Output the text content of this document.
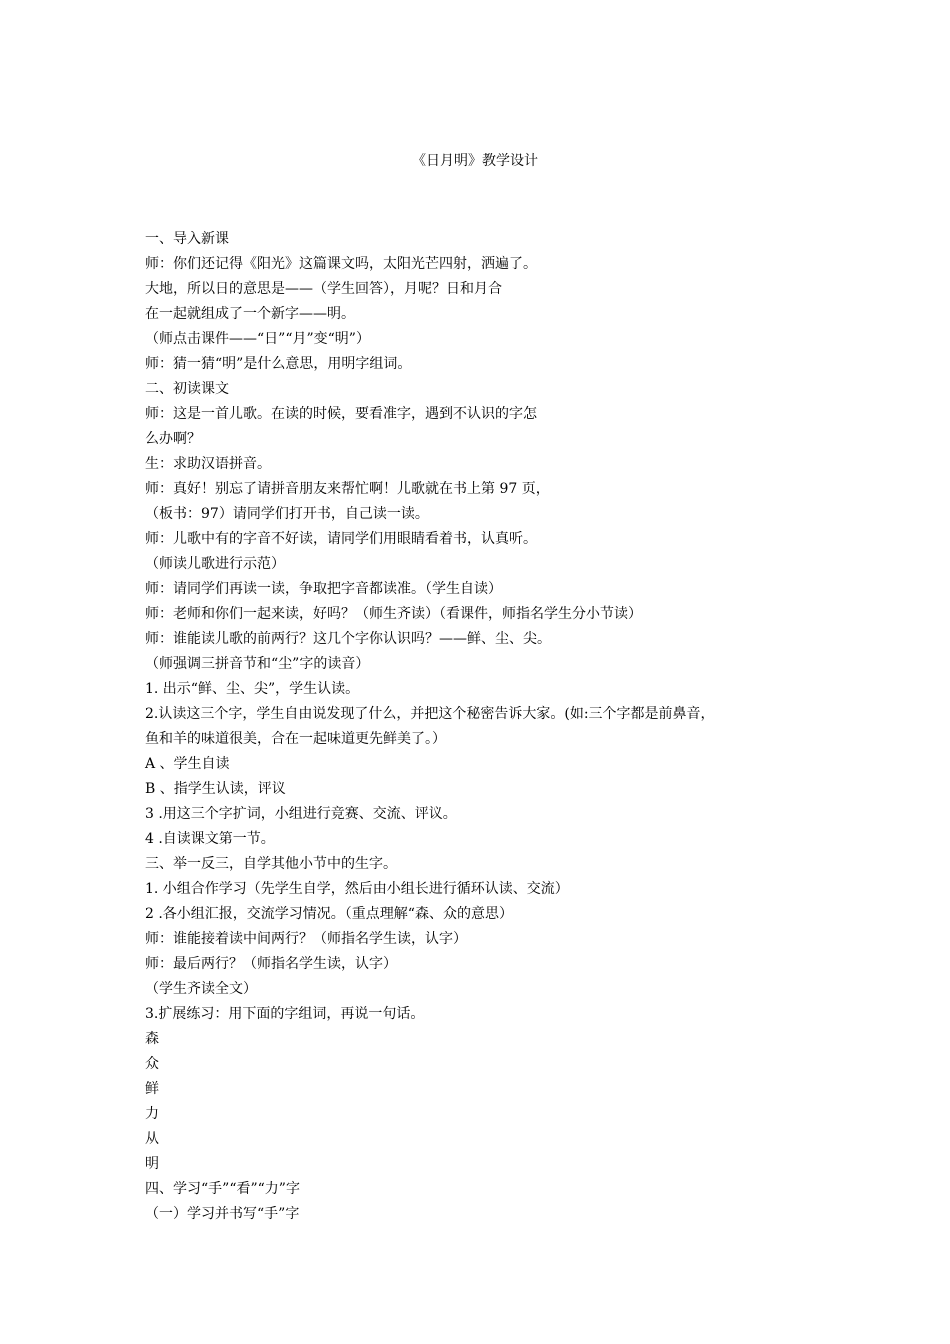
《日月明》教学设计
一、导入新课
师：你们还记得《阳光》这篇课文吗，太阳光芒四射，洒遍了。
大地，所以日的意思是——（学生回答），月呢？日和月合
在一起就组成了一个新字——明。
（师点击课件——“日”“月”变“明”）
师：猜一猜“明”是什么意思，用明字组词。
二、初读课文
师：这是一首儿歌。在读的时候，要看准字，遇到不认识的字怎
么办啊？
生：求助汉语拼音。
师：真好！别忘了请拼音朋友来帮忙啊！儿歌就在书上第 97 页，
（板书：97）请同学们打开书，自己读一读。
师：儿歌中有的字音不好读，请同学们用眼睛看着书，认真听。
（师读儿歌进行示范）
师：请同学们再读一读，争取把字音都读准。（学生自读）
师：老师和你们一起来读，好吗？（师生齐读）（看课件，师指名学生分小节读）
师：谁能读儿歌的前两行？这几个字你认识吗？——鲜、尘、尖。
（师强调三拼音节和“尘”字的读音）
1. 出示“鲜、尘、尖”，学生认读。
2.认读这三个字，学生自由说发现了什么，并把这个秘密告诉大家。(如:三个字都是前鼻音，
鱼和羊的味道很美，合在一起味道更先鲜美了。）
A 、学生自读
B 、指学生认读，评议
3 .用这三个字扩词，小组进行竞赛、交流、评议。
4 .自读课文第一节。
三、举一反三，自学其他小节中的生字。
1. 小组合作学习（先学生自学，然后由小组长进行循环认读、交流）
2 .各小组汇报，交流学习情况。（重点理解“森、众的意思）
师：谁能接着读中间两行？（师指名学生读，认字）
师：最后两行？（师指名学生读，认字）
（学生齐读全文）
3.扩展练习：用下面的字组词，再说一句话。
森
众
鲜
力
从
明
四、学习“手”“看”“力”字
（一）学习并书写“手”字
